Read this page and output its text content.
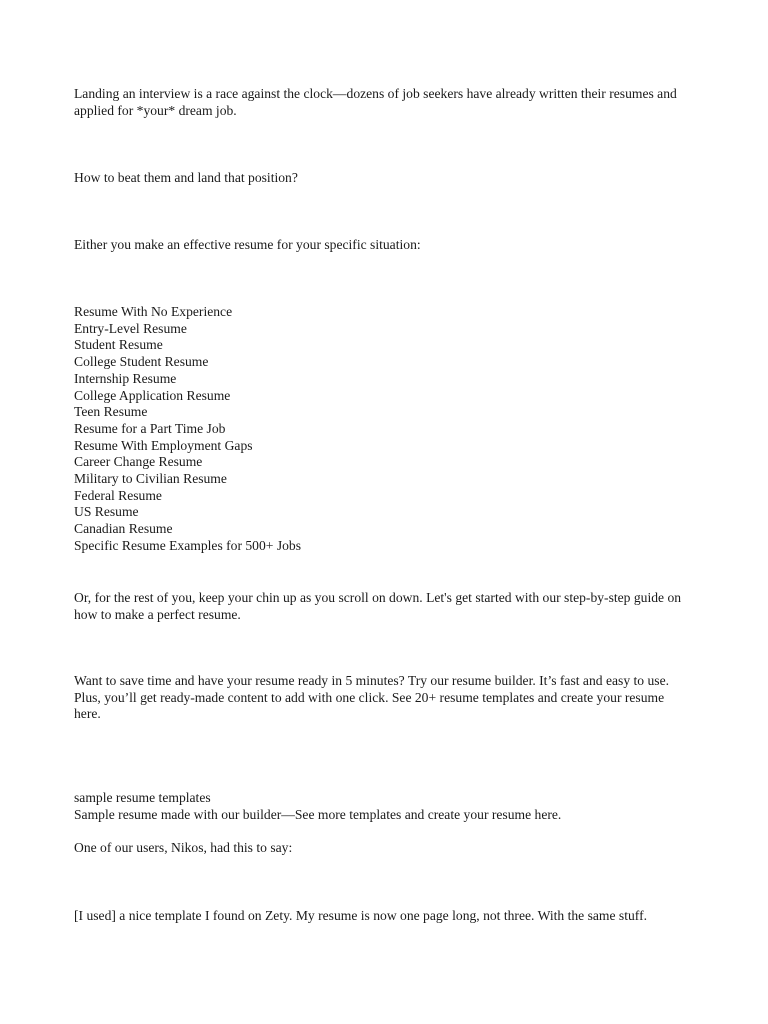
Landing an interview is a race against the clock—dozens of job seekers have already written their resumes and applied for *your* dream job.

How to beat them and land that position?

Either you make an effective resume for your specific situation:

Resume With No Experience
Entry-Level Resume
Student Resume
College Student Resume
Internship Resume
College Application Resume
Teen Resume
Resume for a Part Time Job
Resume With Employment Gaps
Career Change Resume
Military to Civilian Resume
Federal Resume
US Resume
Canadian Resume
Specific Resume Examples for 500+ Jobs

Or, for the rest of you, keep your chin up as you scroll on down. Let's get started with our step-by-step guide on how to make a perfect resume.

Want to save time and have your resume ready in 5 minutes? Try our resume builder. It’s fast and easy to use. Plus, you’ll get ready-made content to add with one click. See 20+ resume templates and create your resume here.

sample resume templates
Sample resume made with our builder—See more templates and create your resume here.

One of our users, Nikos, had this to say:

[I used] a nice template I found on Zety. My resume is now one page long, not three. With the same stuff.
